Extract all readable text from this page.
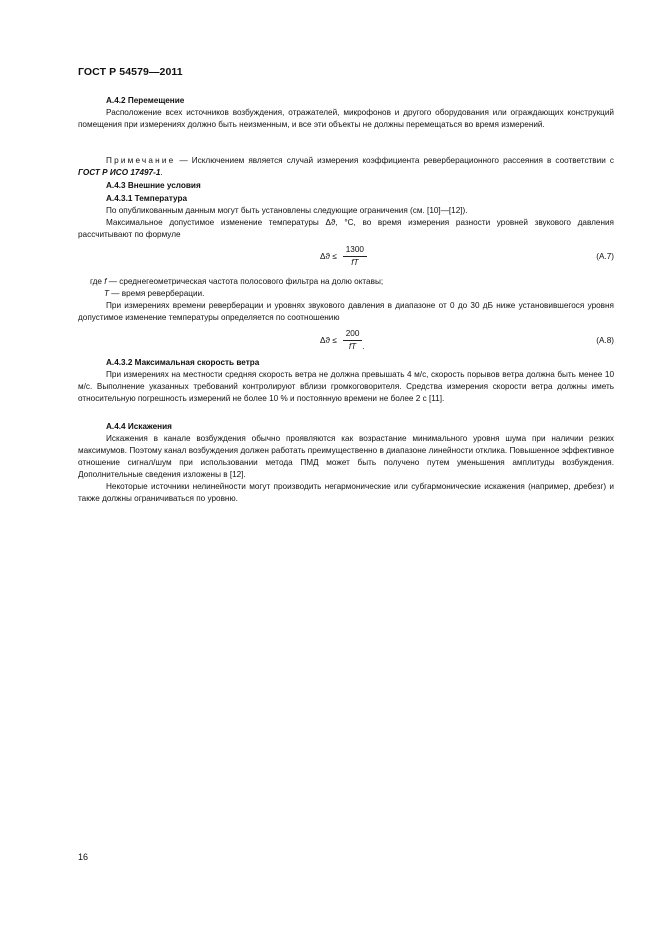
ГОСТ Р 54579—2011
А.4.2 Перемещение
Расположение всех источников возбуждения, отражателей, микрофонов и другого оборудования или ограждающих конструкций помещения при измерениях должно быть неизменным, и все эти объекты не должны перемещаться во время измерений.
Примечание — Исключением является случай измерения коэффициента реверберационного рассеяния в соответствии с ГОСТ Р ИСО 17497-1.
А.4.3 Внешние условия
А.4.3.1 Температура
По опубликованным данным могут быть установлены следующие ограничения (см. [10]—[12]).
Максимальное допустимое изменение температуры Δϑ, °С, во время измерения разности уровней звукового давления рассчитывают по формуле
$\Delta ϑ \le \frac{1300}{fT}$	(А.7)
где f — среднегеометрическая частота полосового фильтра на долю октавы;
T — время реверберации.
При измерениях времени реверберации и уровнях звукового давления в диапазоне от 0 до 30 дБ ниже установившегося уровня допустимое изменение температуры определяется по соотношению
$\Delta ϑ \le \frac{200}{fT}$ .
(А.8)
А.4.3.2 Максимальная скорость ветра
При измерениях на местности средняя скорость ветра не должна превышать 4 м/с, скорость порывов ветра должна быть менее 10 м/с. Выполнение указанных требований контролируют вблизи громкоговорителя. Средства измерения скорости ветра должны иметь относительную погрешность измерений не более 10 % и постоянную времени не более 2 с [11].
А.4.4 Искажения
Искажения в канале возбуждения обычно проявляются как возрастание минимального уровня шума при наличии резких максимумов. Поэтому канал возбуждения должен работать преимущественно в диапазоне линейности отклика. Повышенное эффективное отношение сигнал/шум при использовании метода ПМД может быть получено путем уменьшения амплитуды возбуждения. Дополнительные сведения изложены в [12].
Некоторые источники нелинейности могут производить негармонические или субгармонические искажения (например, дребезг) и также должны ограничиваться по уровню.
16
